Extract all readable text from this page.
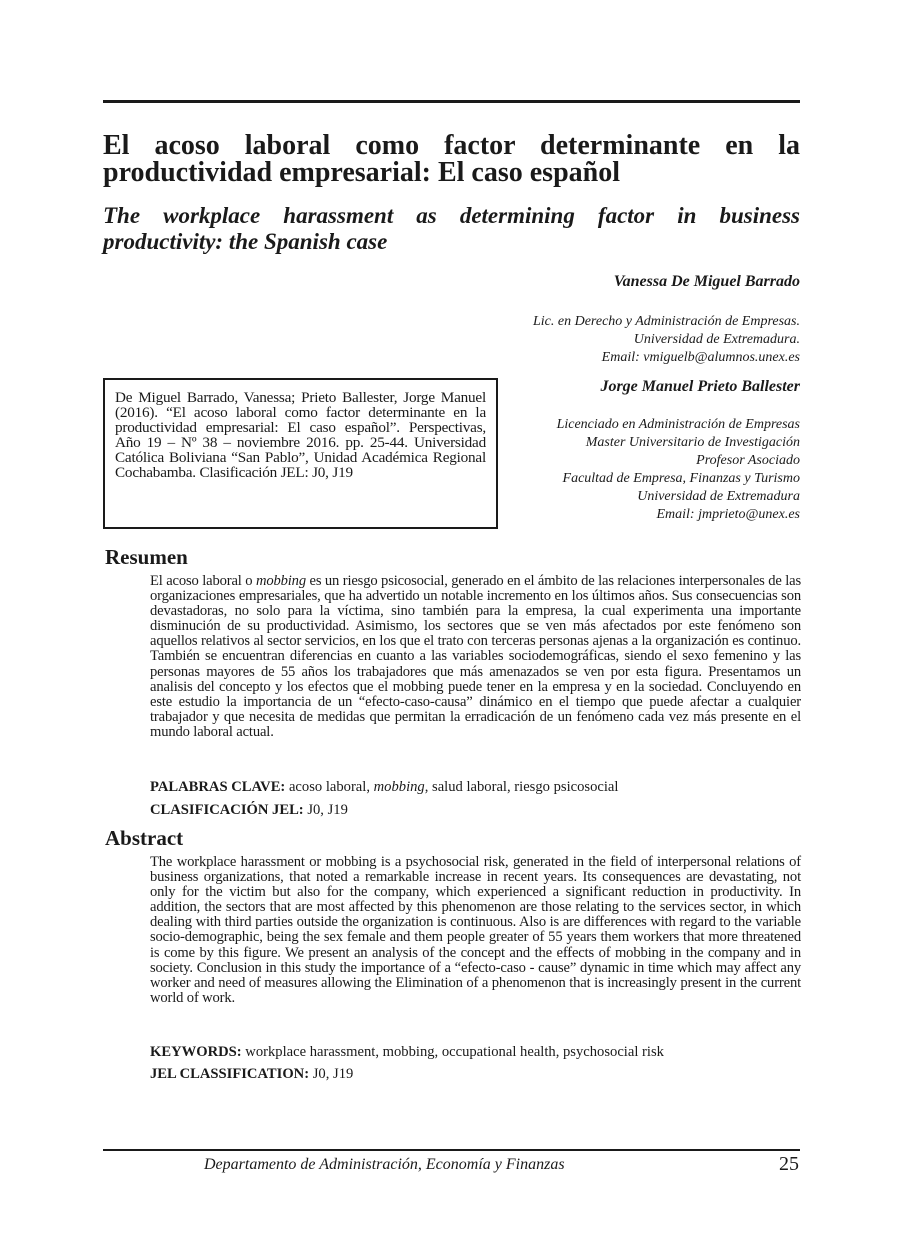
El acoso laboral como factor determinante en la productividad empresarial: El caso español
The workplace harassment as determining factor in business productivity: the Spanish case

Vanessa De Miguel Barrado

Lic. en Derecho y Administración de Empresas.
Universidad de Extremadura.
Email: vmiguelb@alumnos.unex.es

Jorge Manuel Prieto Ballester

Licenciado en Administración de Empresas
Master Universitario de Investigación
Profesor Asociado
Facultad de Empresa, Finanzas y Turismo
Universidad de Extremadura
Email: jmprieto@unex.es

De Miguel Barrado, Vanessa; Prieto Ballester, Jorge Manuel (2016). “El acoso laboral como factor determinante en la productividad empresarial: El caso español”. Perspectivas, Año 19 – Nº 38 – noviembre 2016. pp. 25-44. Universidad Católica Boliviana “San Pablo”, Unidad Académica Regional Cochabamba. Clasificación JEL: J0, J19

Resumen

El acoso laboral o mobbing es un riesgo psicosocial, generado en el ámbito de las relaciones interpersonales de las organizaciones empresariales, que ha advertido un notable incremento en los últimos años. Sus consecuencias son devastadoras, no solo para la víctima, sino también para la empresa, la cual experimenta una importante disminución de su productividad. Asimismo, los sectores que se ven más afectados por este fenómeno son aquellos relativos al sector servicios, en los que el trato con terceras personas ajenas a la organización es continuo. También se encuentran diferencias en cuanto a las variables sociodemográficas, siendo el sexo femenino y las personas mayores de 55 años los trabajadores que más amenazados se ven por esta figura. Presentamos un analisis del concepto y los efectos que el mobbing puede tener en la empresa y en la sociedad. Concluyendo en este estudio la importancia de un “efecto-caso-causa” dinámico en el tiempo que puede afectar a cualquier trabajador y que necesita de medidas que permitan la erradicación de un fenómeno cada vez más presente en el mundo laboral actual.

PALABRAS CLAVE: acoso laboral, mobbing, salud laboral, riesgo psicosocial

CLASIFICACIÓN JEL: J0, J19

Abstract

The workplace harassment or mobbing is a psychosocial risk, generated in the field of interpersonal relations of business organizations, that noted a remarkable increase in recent years. Its consequences are devastating, not only for the victim but also for the company, which experienced a significant reduction in productivity. In addition, the sectors that are most affected by this phenomenon are those relating to the services sector, in which dealing with third parties outside the organization is continuous. Also is are differences with regard to the variable socio-demographic, being the sex female and them people greater of 55 years them workers that more threatened is come by this figure. We present an analysis of the concept and the effects of mobbing in the company and in society. Conclusion in this study the importance of a “efecto-caso - cause” dynamic in time which may affect any worker and need of measures allowing the Elimination of a phenomenon that is increasingly present in the current world of work.

KEYWORDS: workplace harassment, mobbing, occupational health, psychosocial risk

JEL CLASSIFICATION: J0, J19

Departamento de Administración, Economía y Finanzas	25
